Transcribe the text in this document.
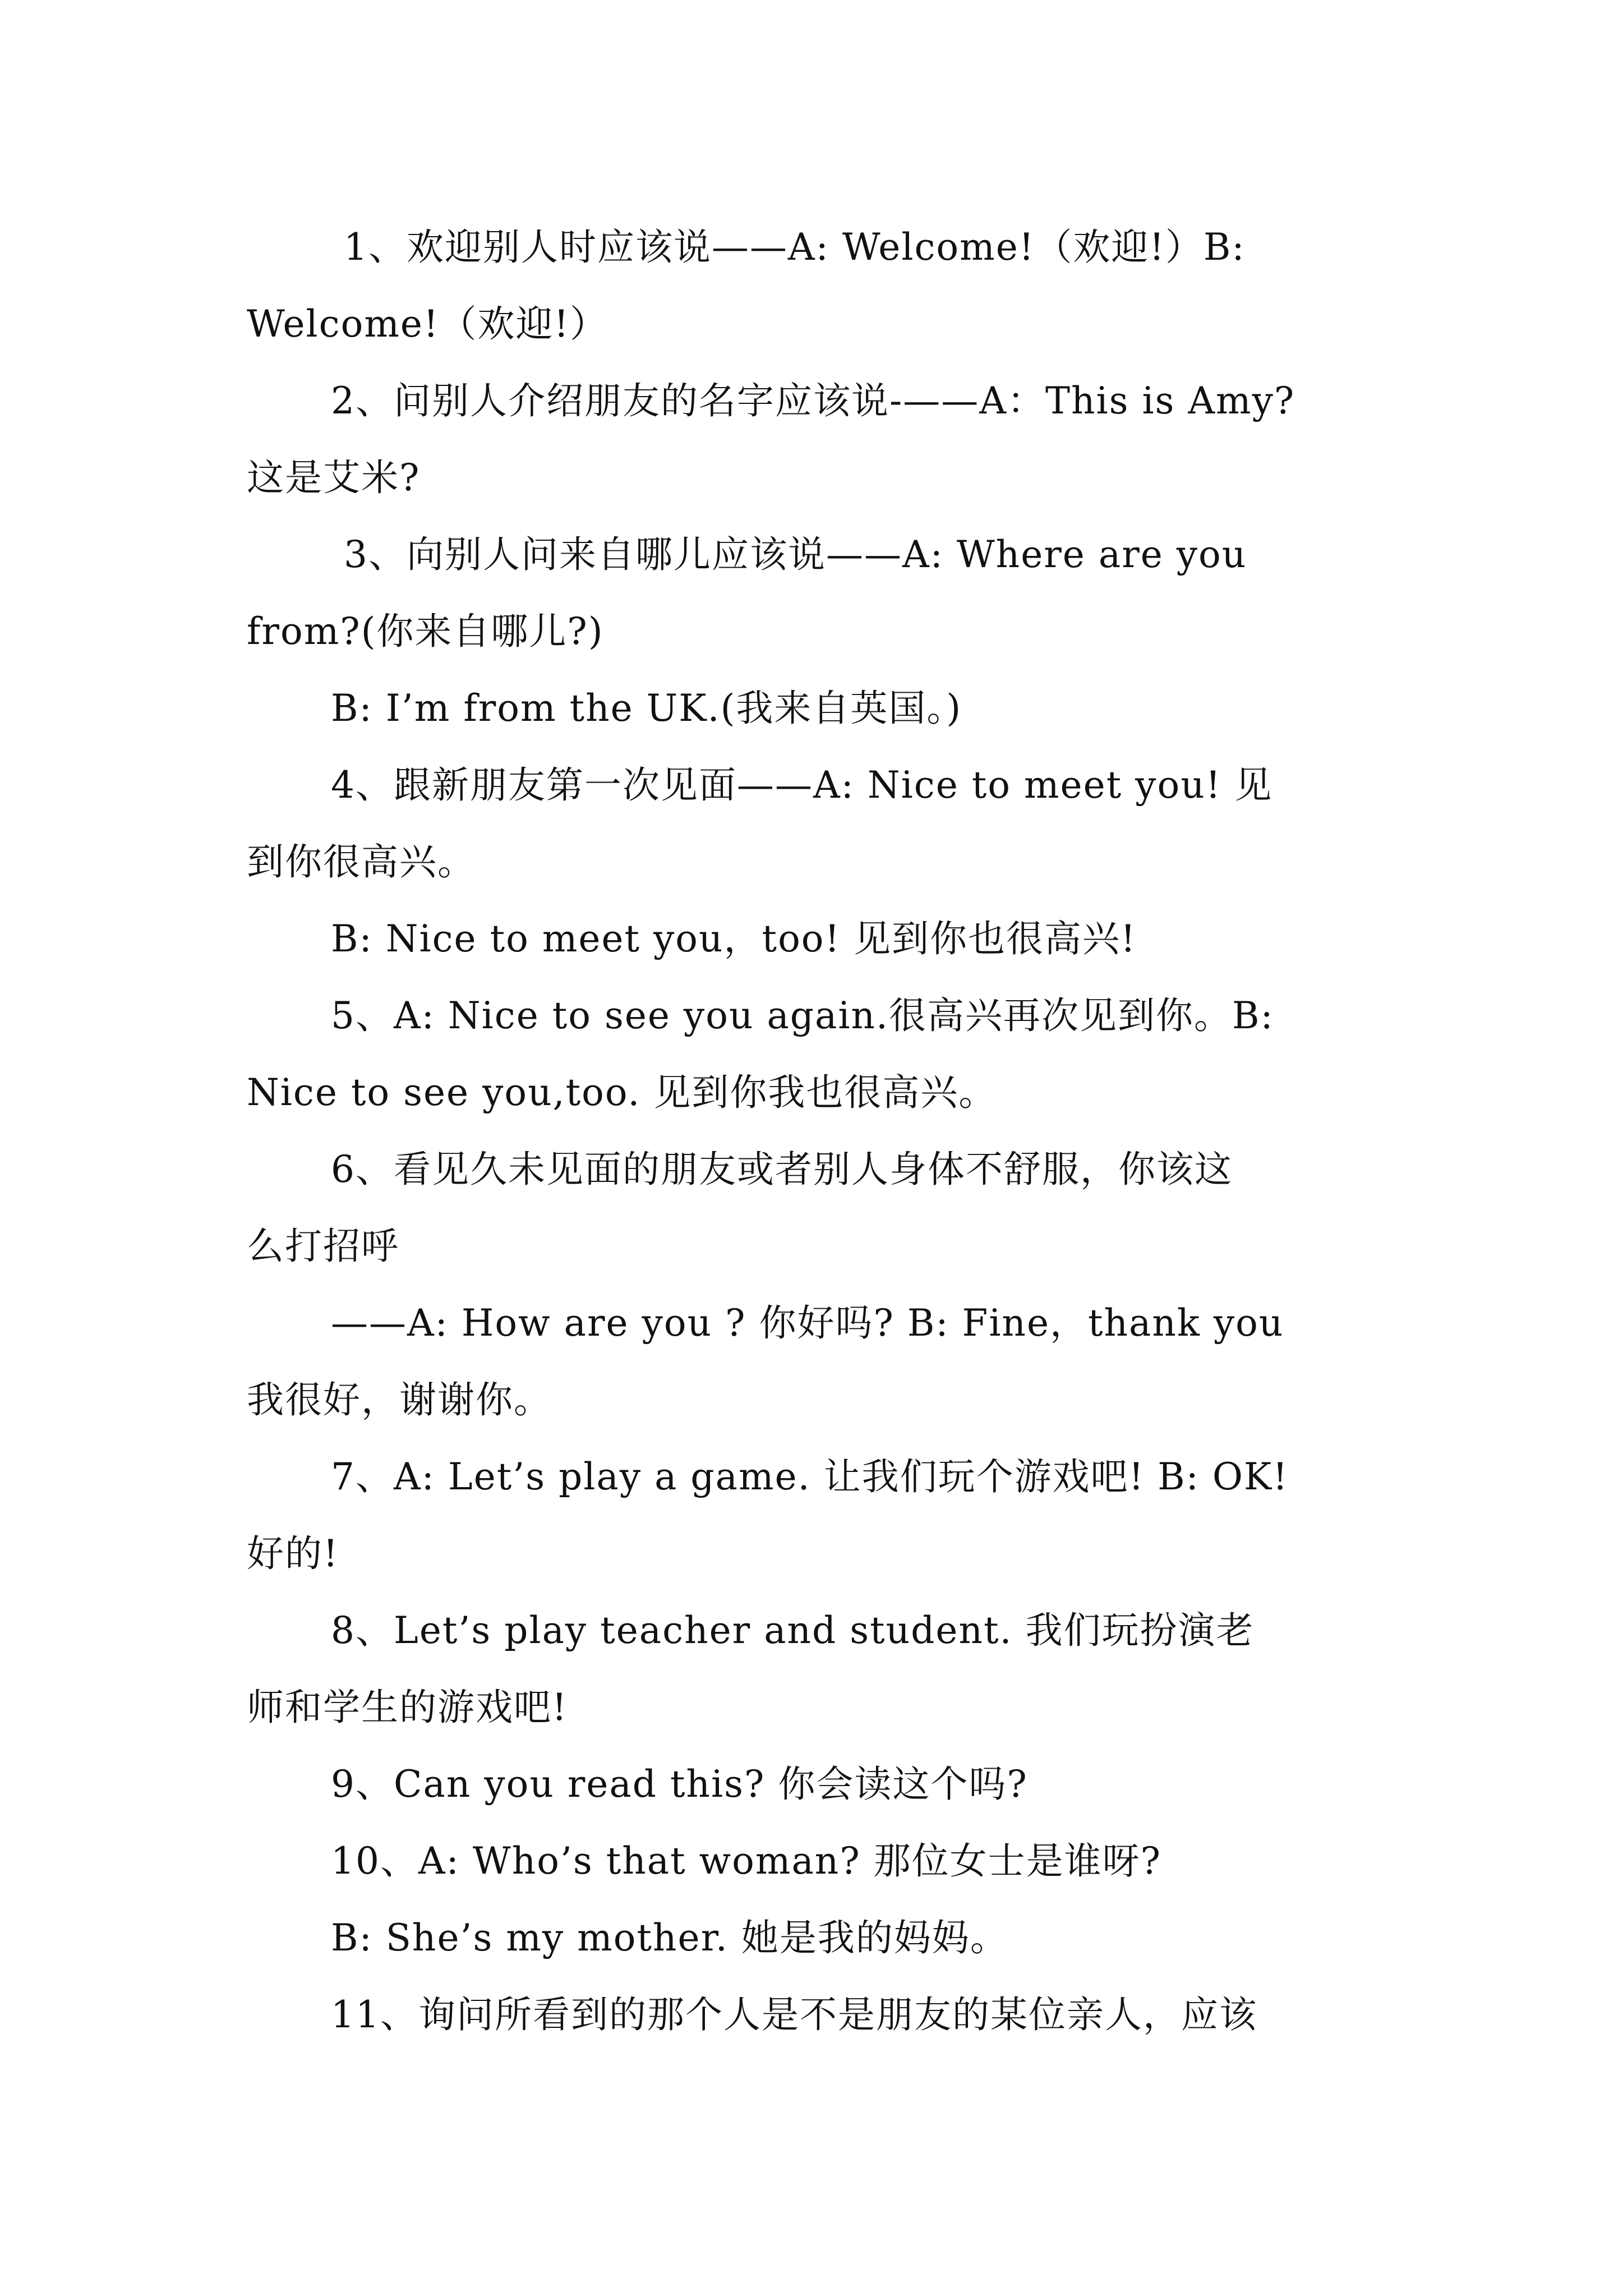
1、欢迎别人时应该说——A: Welcome!（欢迎!）B:
Welcome!（欢迎!）
2、问别人介绍朋友的名字应该说-——A：This is Amy?
这是艾米?
3、向别人问来自哪儿应该说——A: Where are you
from?(你来自哪儿?)
B: I’m from the UK.(我来自英国。)
4、跟新朋友第一次见面——A: Nice to meet you! 见
到你很高兴。
B: Nice to meet you，too! 见到你也很高兴!
5、A: Nice to see you again.很高兴再次见到你。B:
Nice to see you,too. 见到你我也很高兴。
6、看见久未见面的朋友或者别人身体不舒服，你该这
么打招呼
——A: How are you ? 你好吗? B: Fine，thank you
我很好，谢谢你。
7、A: Let’s play a game. 让我们玩个游戏吧! B: OK!
好的!
8、Let’s play teacher and student. 我们玩扮演老
师和学生的游戏吧!
9、Can you read this? 你会读这个吗?
10、A: Who’s that woman? 那位女士是谁呀?
B: She’s my mother. 她是我的妈妈。
11、询问所看到的那个人是不是朋友的某位亲人，应该
